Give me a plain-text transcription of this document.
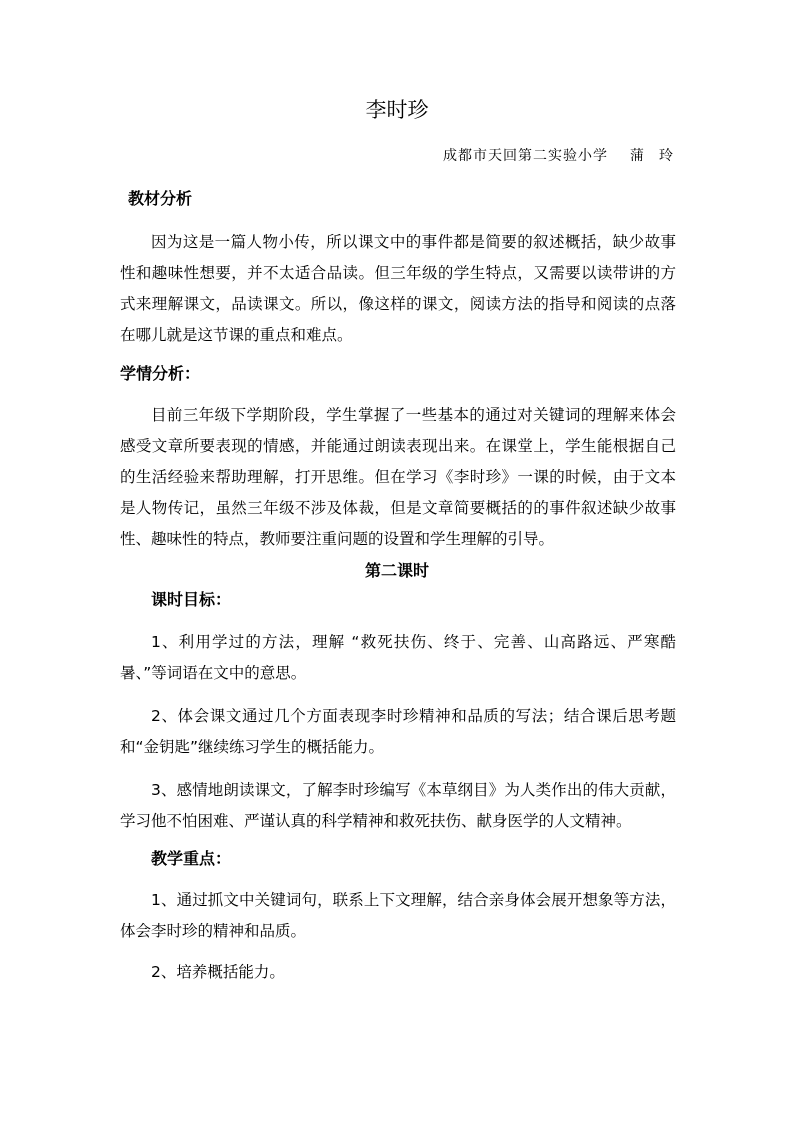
李时珍
成都市天回第二实验小学 蒲 玲
教材分析

因为这是一篇人物小传，所以课文中的事件都是简要的叙述概括，缺少故事性和趣味性想要，并不太适合品读。但三年级的学生特点，又需要以读带讲的方式来理解课文，品读课文。所以，像这样的课文，阅读方法的指导和阅读的点落在哪儿就是这节课的重点和难点。

学情分析：

目前三年级下学期阶段，学生掌握了一些基本的通过对关键词的理解来体会感受文章所要表现的情感，并能通过朗读表现出来。在课堂上，学生能根据自己的生活经验来帮助理解，打开思维。但在学习《李时珍》一课的时候，由于文本是人物传记，虽然三年级不涉及体裁，但是文章简要概括的的事件叙述缺少故事性、趣味性的特点，教师要注重问题的设置和学生理解的引导。

第二课时
课时目标：

1、利用学过的方法，理解 “救死扶伤、终于、完善、山高路远、严寒酷暑、”等词语在文中的意思。

2、体会课文通过几个方面表现李时珍精神和品质的写法；结合课后思考题和“金钥匙”继续练习学生的概括能力。

3、感情地朗读课文，了解李时珍编写《本草纲目》为人类作出的伟大贡献，学习他不怕困难、严谨认真的科学精神和救死扶伤、献身医学的人文精神。

教学重点：

1、通过抓文中关键词句，联系上下文理解，结合亲身体会展开想象等方法，体会李时珍的精神和品质。

2、培养概括能力。
